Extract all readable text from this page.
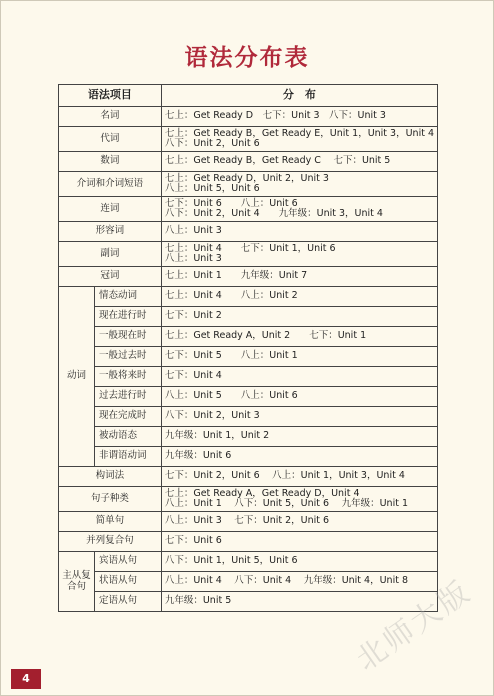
语法分布表
语法项目		分　布
名词		七上：Get Ready D　七下：Unit 3　八下：Unit 3

代词		七上：Get Ready B，Get Ready E，Unit 1，Unit 3，Unit 4
八下：Unit 2，Unit 6

数词		七上：Get Ready B，Get Ready C　 七下：Unit 5

介词和介词短语		七上：Get Ready D，Unit 2，Unit 3
八上：Unit 5，Unit 6

连词		七下：Unit 6　　八上：Unit 6
八下：Unit 2，Unit 4　　九年级：Unit 3，Unit 4

形容词		八上：Unit 3

副词		七上：Unit 4　　七下：Unit 1，Unit 6
八上：Unit 3

冠词		七上：Unit 1　　九年级：Unit 7

动词	情态动词	七上：Unit 4　　八上：Unit 2

	现在进行时	七下：Unit 2

	一般现在时	七上：Get Ready A，Unit 2　　七下：Unit 1

	一般过去时	七下：Unit 5　　八上：Unit 1

	一般将来时	七下：Unit 4

	过去进行时	八上：Unit 5　　八上：Unit 6

	现在完成时	八下：Unit 2，Unit 3

	被动语态	九年级：Unit 1，Unit 2

	非谓语动词	九年级：Unit 6

构词法		七下：Unit 2，Unit 6　 八上：Unit 1，Unit 3，Unit 4

句子种类		七上：Get Ready A，Get Ready D，Unit 4
八上：Unit 1　 八下：Unit 5，Unit 6　 九年级：Unit 1

简单句		八上：Unit 3　 七下：Unit 2，Unit 6

并列复合句		七下：Unit 6

主从复合句	宾语从句	八下：Unit 1，Unit 5，Unit 6

	状语从句	八上：Unit 4　 八下：Unit 4　 九年级：Unit 4，Unit 8

	定语从句	九年级：Unit 5	北师大版
4
